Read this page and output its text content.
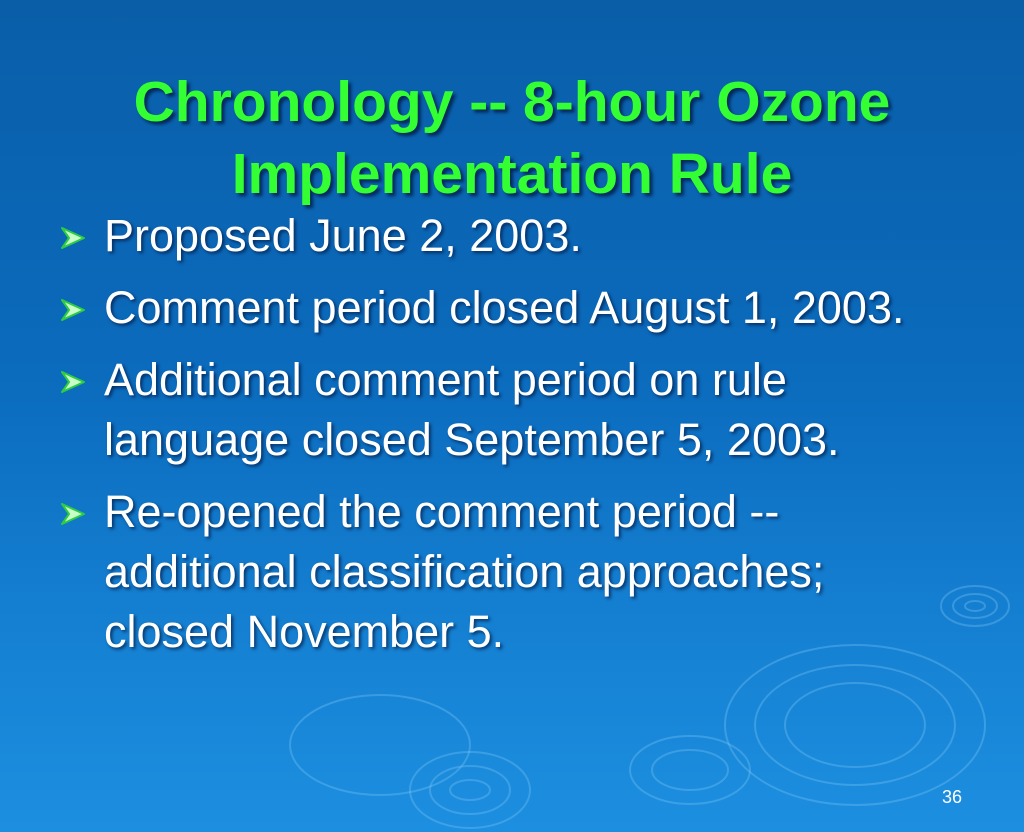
Chronology -- 8-hour Ozone
Implementation Rule
Proposed June 2, 2003.
Comment period closed August 1, 2003.
Additional comment period on rule language closed September 5, 2003.
Re-opened the comment period -- additional classification approaches; closed November 5.
36
